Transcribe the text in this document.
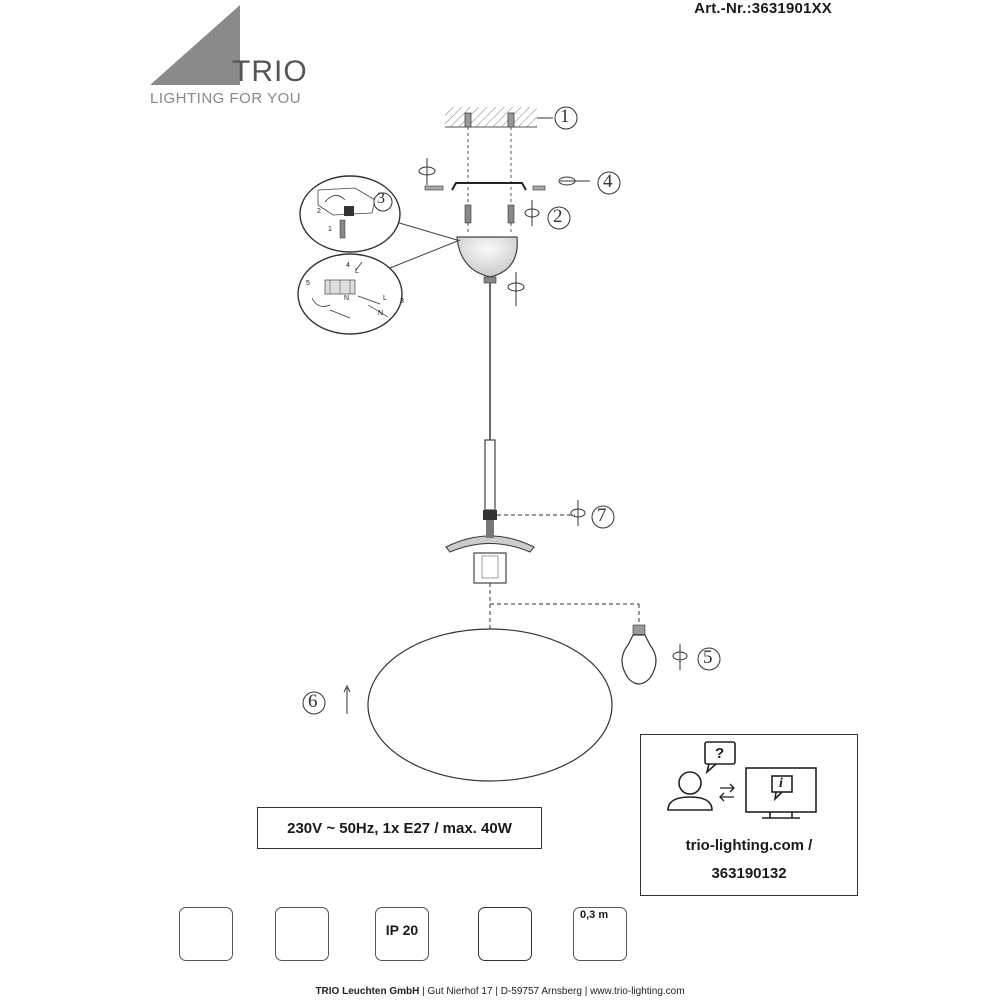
Art.-Nr.:3631901XX
TRIO
LIGHTING FOR YOU
1
2
3
4
5
6
7
2
1
4
5
L
N	L
N
3
230V ~ 50Hz, 1x E27 / max. 40W
?
i
trio-lighting.com /
363190132
IP 20
0,3 m
TRIO Leuchten GmbH | Gut Nierhof 17 | D-59757 Arnsberg | www.trio-lighting.com
